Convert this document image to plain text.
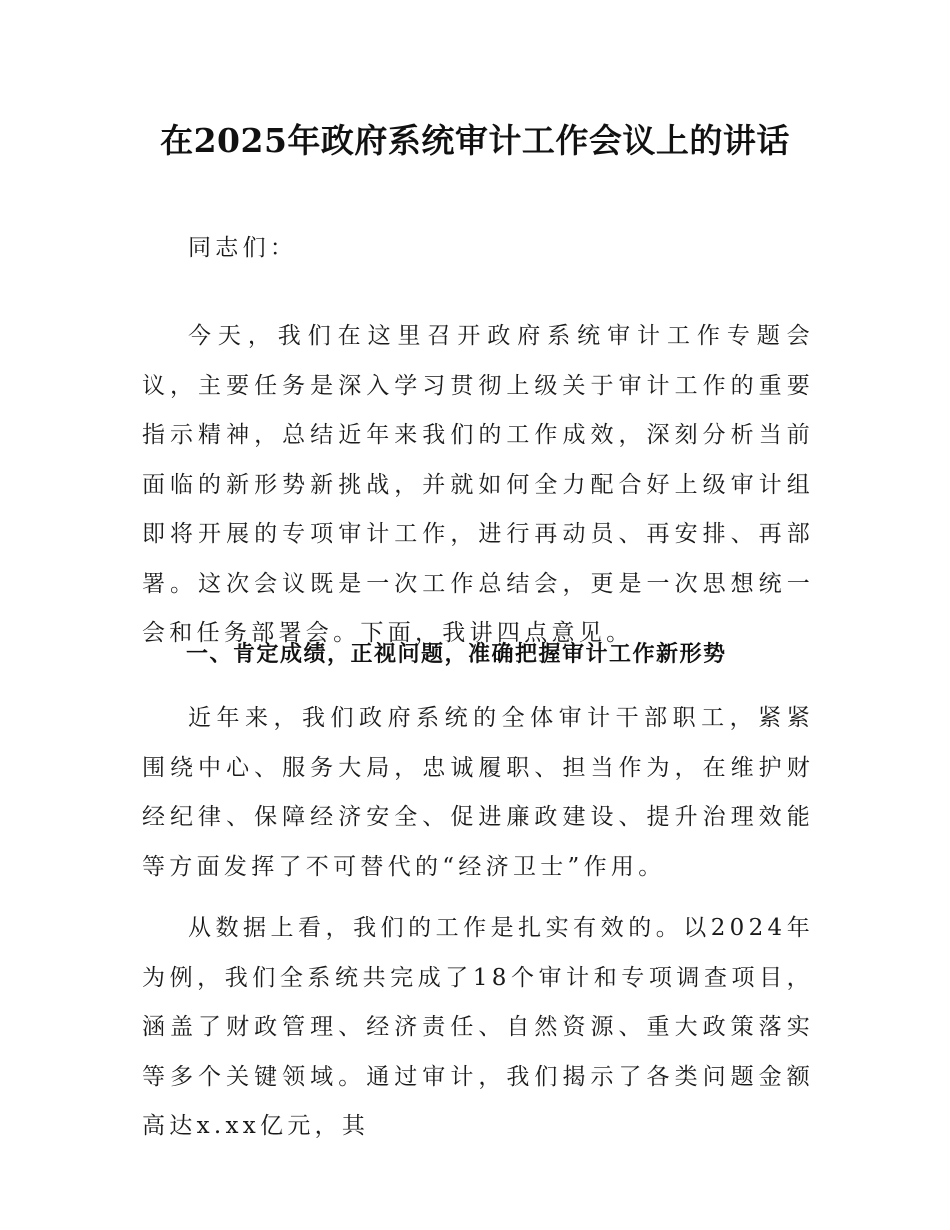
在2025年政府系统审计工作会议上的讲话

同志们：

今天，我们在这里召开政府系统审计工作专题会议，主要任务是深入学习贯彻上级关于审计工作的重要指示精神，总结近年来我们的工作成效，深刻分析当前面临的新形势新挑战，并就如何全力配合好上级审计组即将开展的专项审计工作，进行再动员、再安排、再部署。这次会议既是一次工作总结会，更是一次思想统一会和任务部署会。下面，我讲四点意见。

一、肯定成绩，正视问题，准确把握审计工作新形势

近年来，我们政府系统的全体审计干部职工，紧紧围绕中心、服务大局，忠诚履职、担当作为，在维护财经纪律、保障经济安全、促进廉政建设、提升治理效能等方面发挥了不可替代的“经济卫士”作用。

从数据上看，我们的工作是扎实有效的。以2024年为例，我们全系统共完成了18个审计和专项调查项目，涵盖了财政管理、经济责任、自然资源、重大政策落实等多个关键领域。通过审计，我们揭示了各类问题金额高达x.xx亿元，其
